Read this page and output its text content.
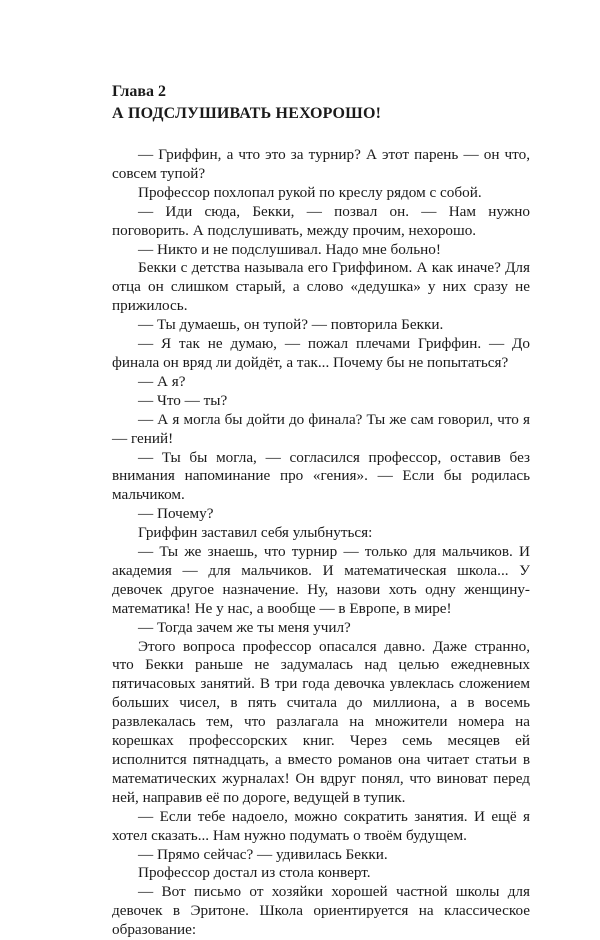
Глава 2
А ПОДСЛУШИВАТЬ НЕХОРОШО!

— Гриффин, а что это за турнир? А этот парень — он что, совсем тупой?

Профессор похлопал рукой по креслу рядом с собой.

— Иди сюда, Бекки, — позвал он. — Нам нужно поговорить. А подслушивать, между прочим, нехорошо.

— Никто и не подслушивал. Надо мне больно!

Бекки с детства называла его Гриффином. А как иначе? Для отца он слишком старый, а слово «дедушка» у них сразу не прижилось.

— Ты думаешь, он тупой? — повторила Бекки.

— Я так не думаю, — пожал плечами Гриффин. — До финала он вряд ли дойдёт, а так... Почему бы не попытаться?

— А я?

— Что — ты?

— А я могла бы дойти до финала? Ты же сам говорил, что я — гений!

— Ты бы могла, — согласился профессор, оставив без внимания напоминание про «гения». — Если бы родилась мальчиком.

— Почему?

Гриффин заставил себя улыбнуться:

— Ты же знаешь, что турнир — только для мальчиков. И академия — для мальчиков. И математическая школа... У девочек другое назначение. Ну, назови хоть одну женщину-математика! Не у нас, а вообще — в Европе, в мире!

— Тогда зачем же ты меня учил?

Этого вопроса профессор опасался давно. Даже странно, что Бекки раньше не задумалась над целью ежедневных пятичасовых занятий. В три года девочка увлеклась сложением больших чисел, в пять считала до миллиона, а в восемь развлекалась тем, что разлагала на множители номера на корешках профессорских книг. Через семь месяцев ей исполнится пятнадцать, а вместо романов она читает статьи в математических журналах! Он вдруг понял, что виноват перед ней, направив её по дороге, ведущей в тупик.

— Если тебе надоело, можно сократить занятия. И ещё я хотел сказать... Нам нужно подумать о твоём будущем.

— Прямо сейчас? — удивилась Бекки.

Профессор достал из стола конверт.

— Вот письмо от хозяйки хорошей частной школы для девочек в Эритоне. Школа ориентируется на классическое образование:
